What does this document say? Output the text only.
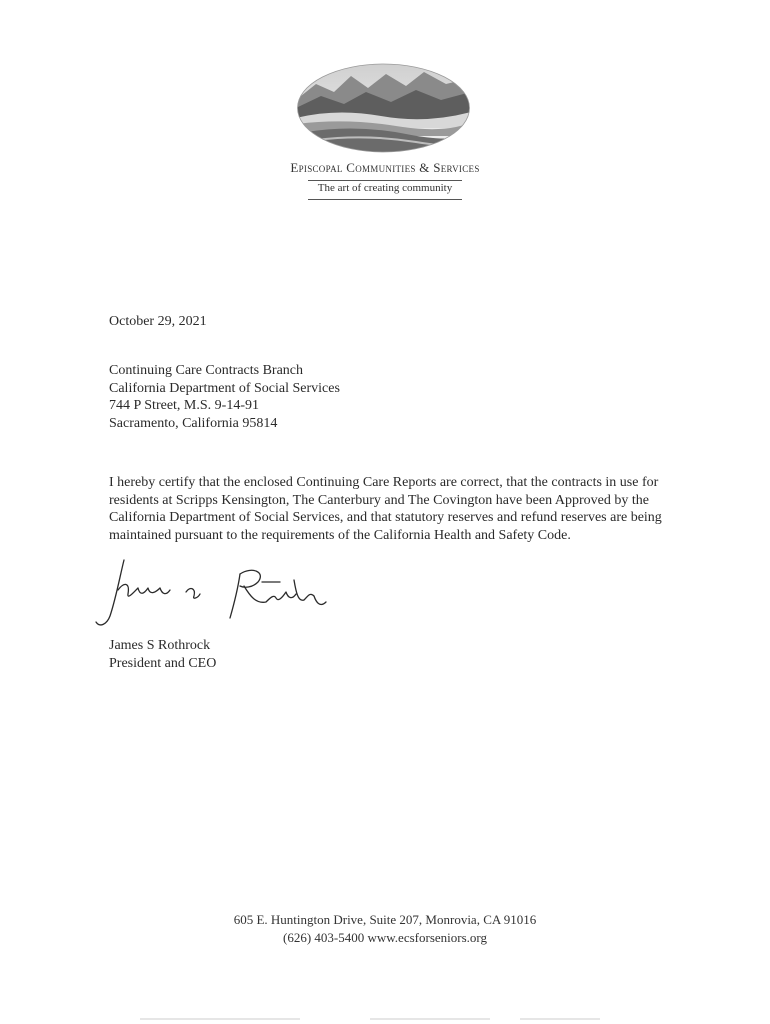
Episcopal Communities & Services
The art of creating community
October 29, 2021
Continuing Care Contracts Branch
California Department of Social Services
744 P Street, M.S. 9-14-91
Sacramento, California 95814
I hereby certify that the enclosed Continuing Care Reports are correct, that the contracts in use for
residents at Scripps Kensington, The Canterbury and The Covington have been Approved by the
California Department of Social Services, and that statutory reserves and refund reserves are being
maintained pursuant to the requirements of the California Health and Safety Code.
James S Rothrock
President and CEO
605 E. Huntington Drive, Suite 207, Monrovia, CA 91016
(626) 403-5400 www.ecsforseniors.org
